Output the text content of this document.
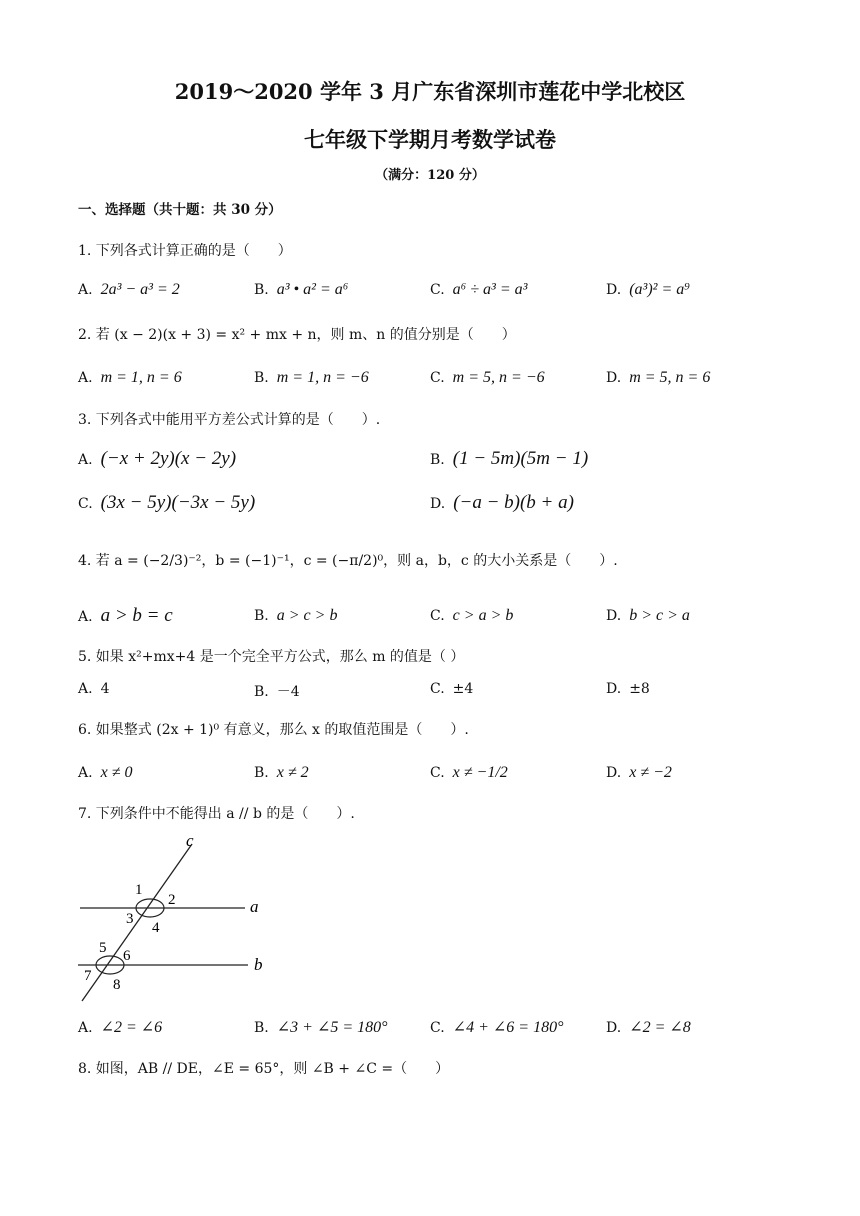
2019～2020 学年 3 月广东省深圳市莲花中学北校区
七年级下学期月考数学试卷
（满分：120 分）
一、选择题（共十题：共 30 分）
1. 下列各式计算正确的是（　　）
A. 2a³ − a³ = 2	B. a³ • a² = a⁶	C. a⁶ ÷ a³ = a³	D. (a³)² = a⁹
2. 若 (x − 2)(x + 3) = x² + mx + n，则 m、n 的值分别是（　　）
A. m = 1, n = 6	B. m = 1, n = −6	C. m = 5, n = −6	D. m = 5, n = 6
3. 下列各式中能用平方差公式计算的是（　　）.
A. (−x + 2y)(x − 2y)	B. (1 − 5m)(5m − 1)
C. (3x − 5y)(−3x − 5y)	D. (−a − b)(b + a)
4. 若 a = (−2/3)⁻²，b = (−1)⁻¹，c = (−π/2)⁰，则 a，b，c 的大小关系是（　　）.
A. a > b = c	B. a > c > b	C. c > a > b	D. b > c > a
5. 如果 x²+mx+4 是一个完全平方公式，那么 m 的值是（ ）
A. 4	B. －4	C. ±4	D. ±8
6. 如果整式 (2x + 1)⁰ 有意义，那么 x 的取值范围是（　　）.
A. x ≠ 0	B. x ≠ 2	C. x ≠ −1/2	D. x ≠ −2
7. 下列条件中不能得出 a // b 的是（　　）.
c
a
b
1
2
3
4
5 6
7
8
A. ∠2 = ∠6	B. ∠3 + ∠5 = 180°	C. ∠4 + ∠6 = 180°	D. ∠2 = ∠8
8. 如图，AB // DE，∠E = 65°，则 ∠B + ∠C =（　　）
